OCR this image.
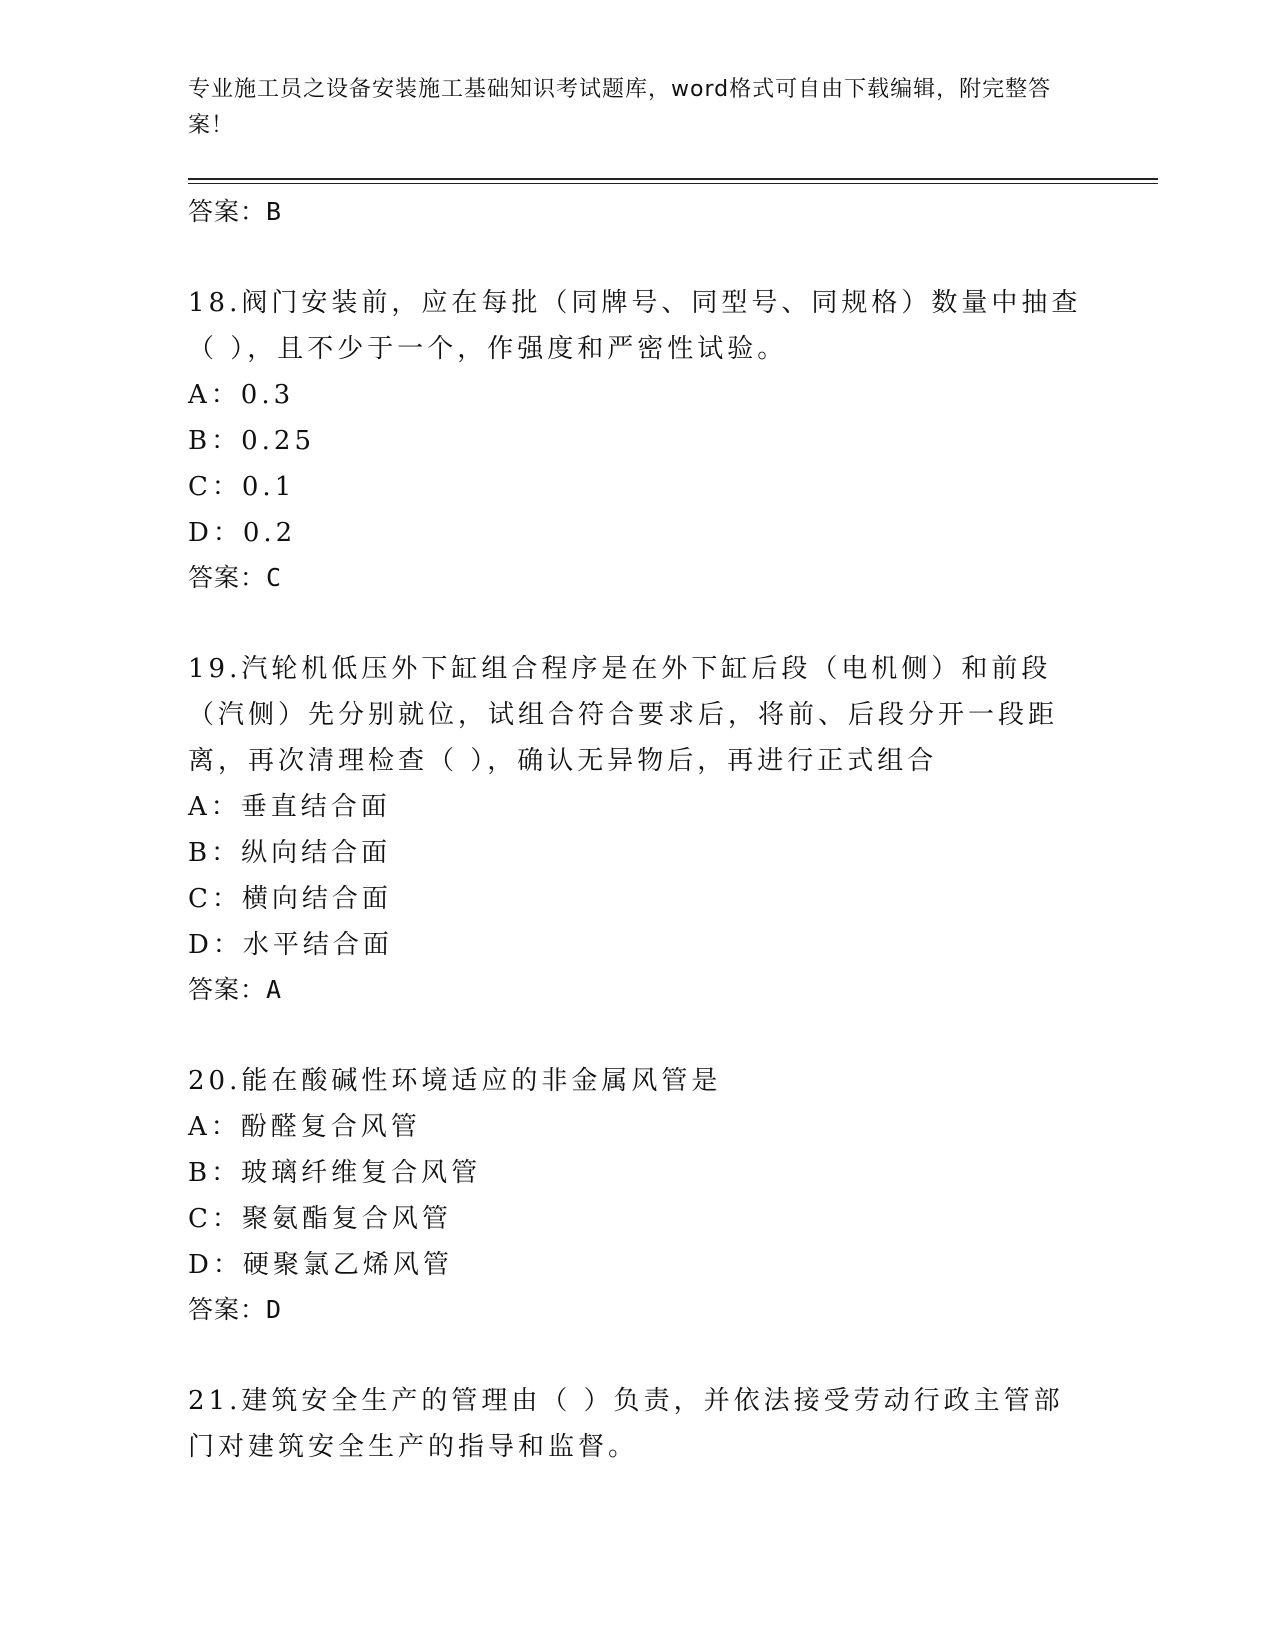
专业施工员之设备安装施工基础知识考试题库，word格式可自由下载编辑，附完整答案！
答案：B
18.阀门安装前，应在每批（同牌号、同型号、同规格）数量中抽查（ ），且不少于一个，作强度和严密性试验。
A：0.3
B：0.25
C：0.1
D：0.2
答案：C
19.汽轮机低压外下缸组合程序是在外下缸后段（电机侧）和前段（汽侧）先分别就位，试组合符合要求后，将前、后段分开一段距离，再次清理检查（ ），确认无异物后，再进行正式组合
A：垂直结合面
B：纵向结合面
C：横向结合面
D：水平结合面
答案：A
20.能在酸碱性环境适应的非金属风管是
A：酚醛复合风管
B：玻璃纤维复合风管
C：聚氨酯复合风管
D：硬聚氯乙烯风管
答案：D
21.建筑安全生产的管理由（ ）负责，并依法接受劳动行政主管部门对建筑安全生产的指导和监督。
